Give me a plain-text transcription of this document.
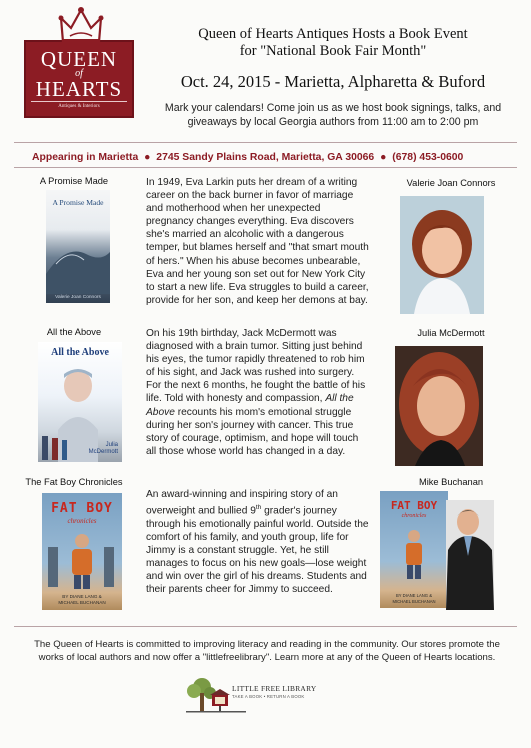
QUEEN
of
HEARTS
Antiques & Interiors
Queen of Hearts Antiques Hosts a Book Event
for "National Book Fair Month"
Oct. 24, 2015 - Marietta, Alpharetta & Buford
Mark your calendars! Come join us as we host book signings, talks, and giveaways by local Georgia authors from 11:00 am to 2:00 pm
Appearing in Marietta ● 2745 Sandy Plains Road, Marietta, GA 30066 ● (678) 453-0600
A Promise Made
A Promise Made
Valerie Joan Connors
In 1949, Eva Larkin puts her dream of a writing career on the back burner in favor of marriage and motherhood when her unexpected pregnancy changes everything. Eva discovers she's married an alcoholic with a dangerous temper, but blames herself and "that smart mouth of hers." When his abuse becomes unbearable, Eva and her young son set out for New York City to start a new life. Eva struggles to build a career, provide for her son, and keep her demons at bay.
Valerie Joan Connors
All the Above
All the Above
Julia
McDermott
On his 19th birthday, Jack McDermott was diagnosed with a brain tumor. Sitting just behind his eyes, the tumor rapidly threatened to rob him of his sight, and Jack was rushed into surgery. For the next 6 months, he fought the battle of his life. Told with honesty and compassion, All the Above recounts his mom's emotional struggle during her son's journey with cancer. This true story of courage, optimism, and hope will touch all those whose world has changed in a day.
Julia McDermott
The Fat Boy Chronicles
FAT BOY
chronicles
BY DIANE LANG &
MICHAEL BUCHANAN
An award-winning and inspiring story of an overweight and bullied 9th grader's journey through his emotionally painful world. Outside the comfort of his family, and youth group, life for Jimmy is a constant struggle. Yet, he still manages to focus on his new goals—lose weight and win over the girl of his dreams. Students and their parents cheer for Jimmy to succeed.
Mike Buchanan
FAT BOY
chronicles
BY DIANE LANG &
MICHAEL BUCHANAN
The Queen of Hearts is committed to improving literacy and reading in the community. Our stores promote the works of local authors and now offer a "littlefreelibrary". Learn more at any of the Queen of Hearts locations.
LITTLE FREE LIBRARY
TAKE A BOOK • RETURN A BOOK
